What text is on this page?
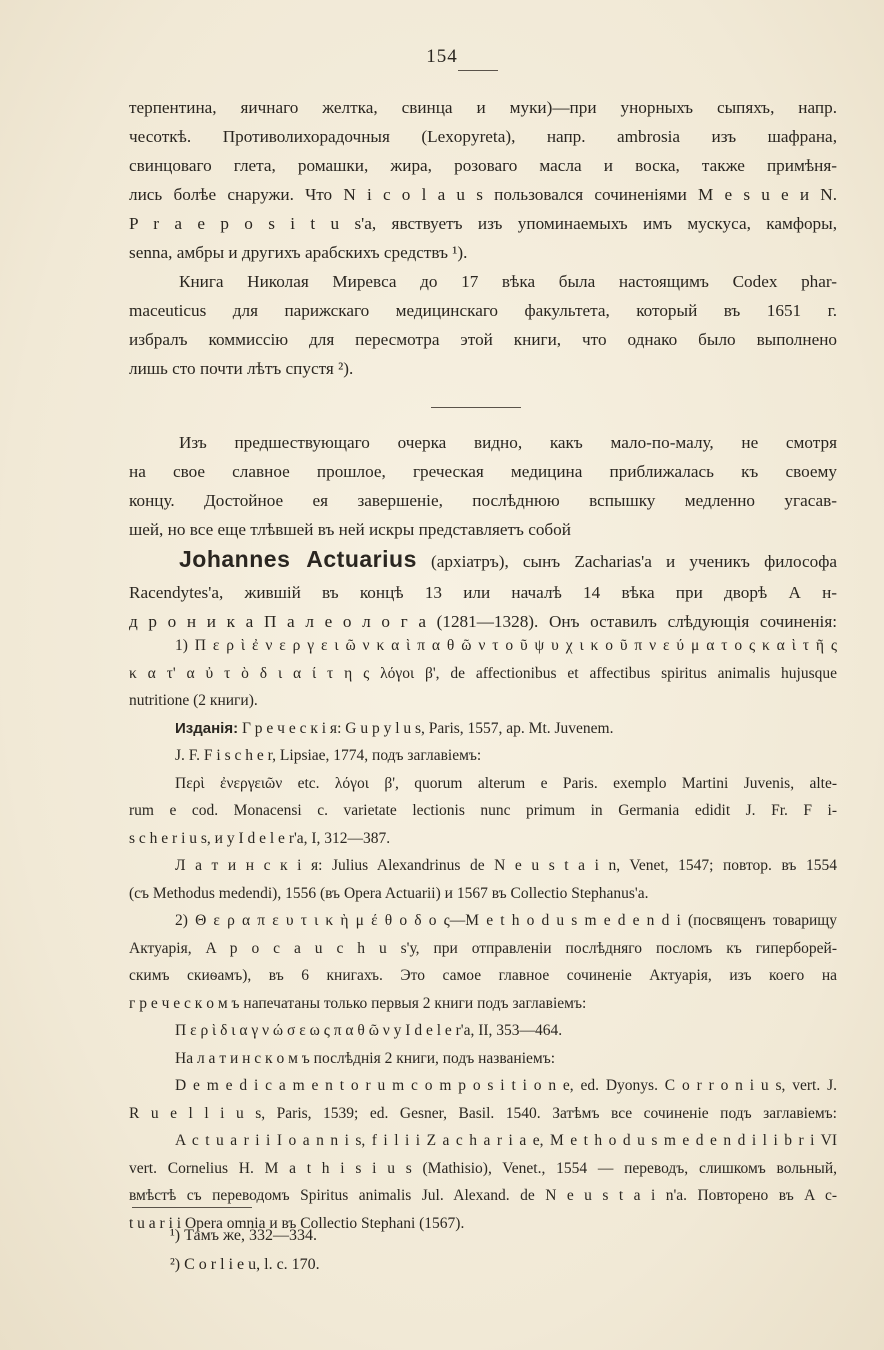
154
терпентина, яичнаго желтка, свинца и муки)—при унорныхъ сыпяхъ, напр.
чесоткѣ. Противолихорадочныя (Lexopyreta), напр. ambrosia изъ шафрана,
свинцоваго глета, ромашки, жира, розоваго масла и воска, также примѣня-
лись болѣе снаружи. Что N i c o l a u s пользовался сочиненіями M e s u e и N.
P r a e p o s i t u s'a, явствуетъ изъ упоминаемыхъ имъ мускуса, камфоры,
senna, амбры и другихъ арабскихъ средствъ ¹).
Книга Николая Миревса до 17 вѣка была настоящимъ Codex phar-
maceuticus для парижскаго медицинскаго факультета, который въ 1651 г.
избралъ коммиссію для пересмотра этой книги, что однако было выполнено
лишь сто почти лѣтъ спустя ²).
Изъ предшествующаго очерка видно, какъ мало-по-малу, не смотря
на свое славное прошлое, греческая медицина приближалась къ своему
концу. Достойное ея завершеніе, послѣднюю вспышку медленно угасав-
шей, но все еще тлѣвшей въ ней искры представляетъ собой
Johannes Actuarius (архіатръ), сынъ Zacharias'a и ученикъ философа
Racendytes'a, жившій въ концѣ 13 или началѣ 14 вѣка при дворѣ А н-
д р о н и к а П а л е о л о г а (1281—1328). Онъ оставилъ слѣдующія сочиненія:
1) Π ε ρ ὶ ἐ ν ε ρ γ ε ι ῶ ν κ α ὶ π α θ ῶ ν τ ο ῦ ψ υ χ ι κ ο ῦ π ν ε ύ μ α τ ο ς κ α ὶ τ ῆ ς
κ α τ' α ὐ τ ὸ δ ι α ί τ η ς λόγοι β', de affectionibus et affectibus spiritus animalis hujusque
nutritione (2 книги).
Изданія: Г р е ч е с к і я: G u p y l u s, Paris, 1557, ap. Mt. Juvenem.
J. F. F i s c h e r, Lipsiae, 1774, подъ заглавіемъ:
Περὶ ἐνεργειῶν etc. λόγοι β', quorum alterum e Paris. exemplo Martini Juvenis, alte-
rum e cod. Monacensi c. varietate lectionis nunc primum in Germania edidit J. Fr. F i-
s c h e r i u s, и у I d e l e r'a, I, 312—387.
Л а т и н с к і я: Julius Alexandrinus de N e u s t a i n, Venet, 1547; повтор. въ 1554
(съ Methodus medendi), 1556 (въ Opera Actuarii) и 1567 въ Collectio Stephanus'a.
2) Θ ε ρ α π ε υ τ ι κ ὴ μ έ θ ο δ ο ς—M e t h o d u s m e d e n d i (посвященъ товарищу
Актуарія, A p o c a u c h u s'у, при отправленіи послѣдняго посломъ къ гиперборей-
скимъ скиѳамъ), въ 6 книгахъ. Это самое главное сочиненіе Актуарія, изъ коего на
г р е ч е с к о м ъ напечатаны только первыя 2 книги подъ заглавіемъ:
Π ε ρ ὶ δ ι α γ ν ώ σ ε ω ς π α θ ῶ ν у I d e l e r'a, II, 353—464.
На л а т и н с к о м ъ послѣднія 2 книги, подъ названіемъ:
D e m e d i c a m e n t o r u m c o m p o s i t i o n e, ed. Dyonys. C o r r o n i u s, vert. J.
R u e l l i u s, Paris, 1539; ed. Gesner, Basil. 1540. Затѣмъ все сочиненіе подъ заглавіемъ:
A c t u a r i i I o a n n i s, f i l i i Z a c h a r i a e, M e t h o d u s m e d e n d i l i b r i VI
vert. Cornelius H. M a t h i s i u s (Mathisio), Venet., 1554 — переводъ, слишкомъ вольный,
вмѣстѣ съ переводомъ Spiritus animalis Jul. Alexand. de N e u s t a i n'a. Повторено въ A c-
t u a r i i Opera omnia и въ Collectio Stephani (1567).
¹) Тамъ же, 332—334.
²) C o r l i e u, l. c. 170.
